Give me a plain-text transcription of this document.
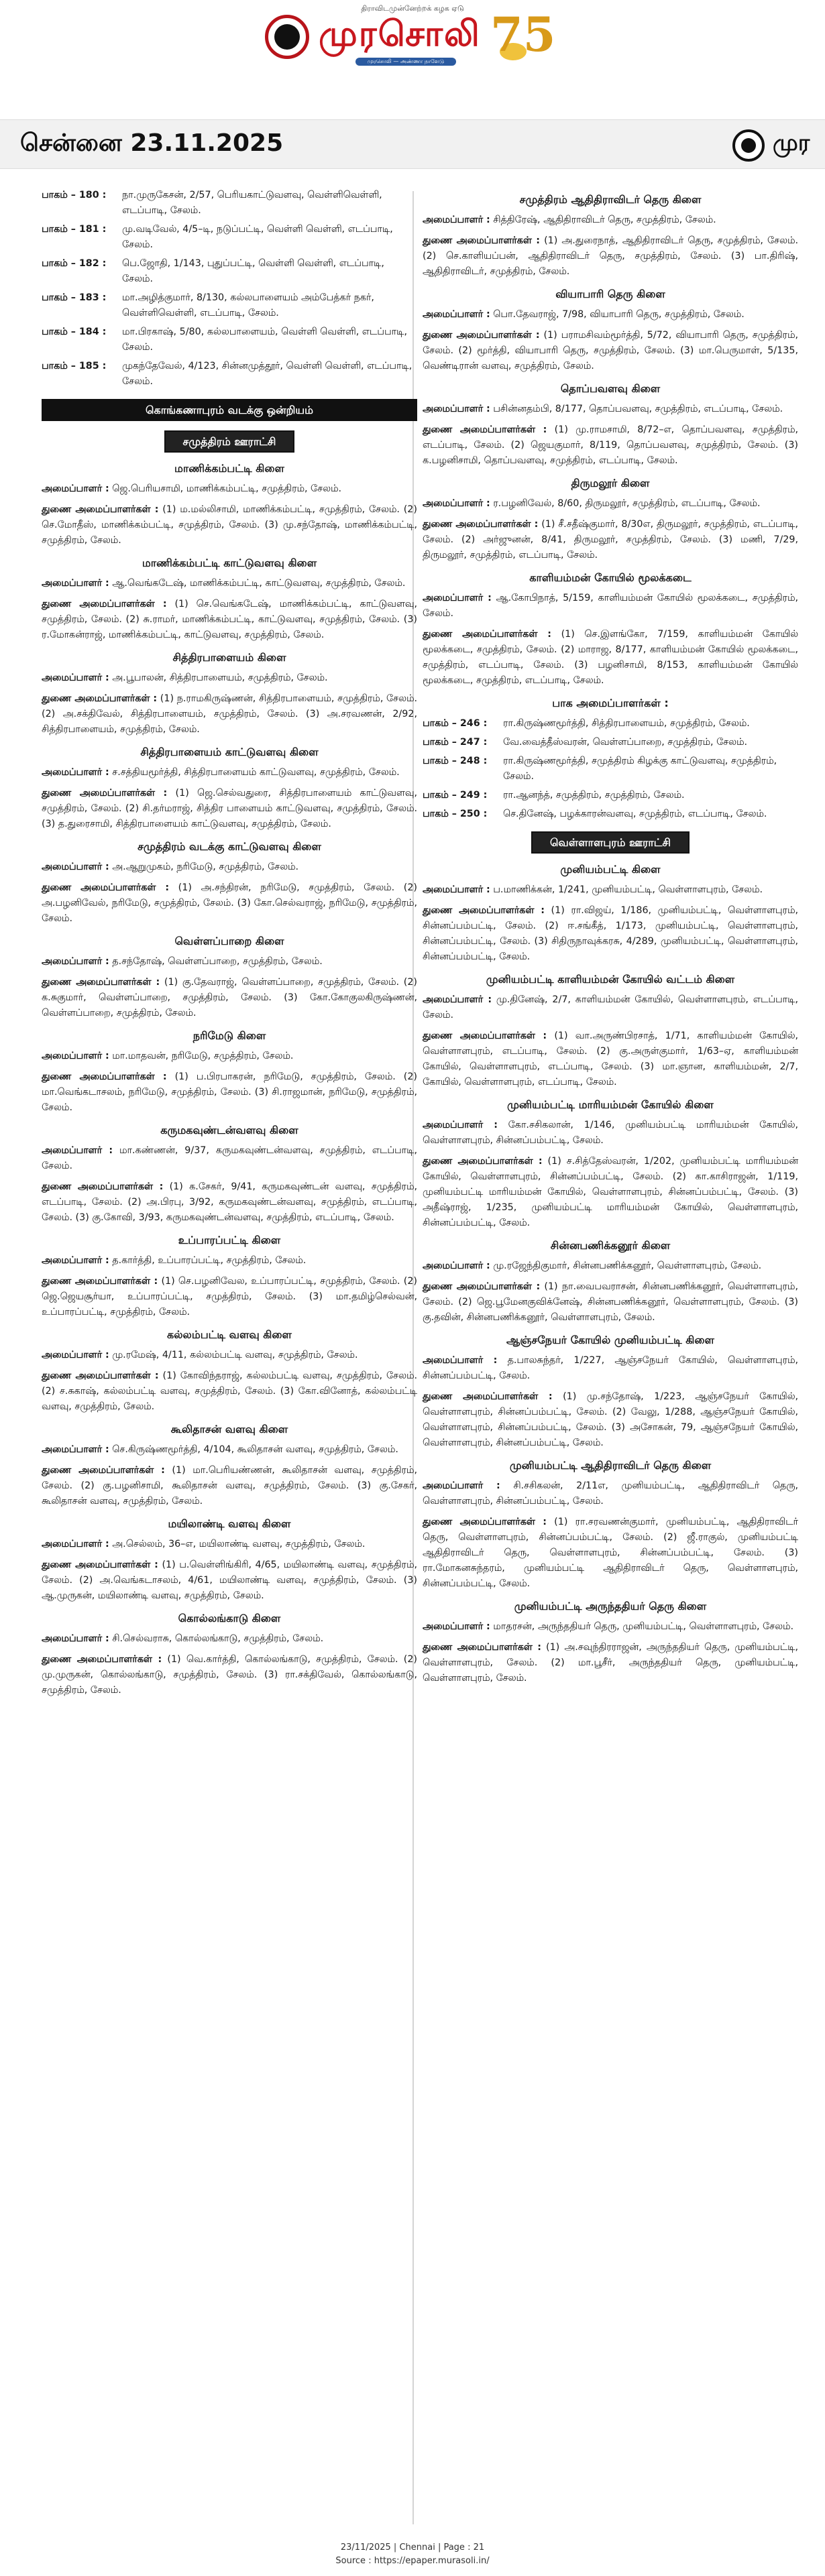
திராவிடமுன்னேற்றக் கழக ஏடு
முரசொலி
முரசொலி — அண்ணா நாளேடு 75
சென்னை 23.11.2025	முர
பாகம் – 180 :	நா.முருகேசன், 2/57, பெரியகாட்டுவளவு, வெள்ளிவெள்ளி, எடப்பாடி, சேலம்.
பாகம் – 181 :	மு.வடிவேல், 4/5–டி, நடுப்பட்டி, வெள்ளி வெள்ளி, எடப்பாடி, சேலம்.
பாகம் – 182 :	பெ.ஜோதி, 1/143, புதுப்பட்டி, வெள்ளி வெள்ளி, எடப்பாடி, சேலம்.
பாகம் – 183 :	மா.அழித்குமார், 8/130, கல்லபாளையம் அம்பேத்கர் நகர், வெள்ளிவெள்ளி, எடப்பாடி, சேலம்.
பாகம் – 184 :	மா.பிரகாஷ், 5/80, கல்லபாளையம், வெள்ளி வெள்ளி, எடப்பாடி, சேலம்.
பாகம் – 185 :	முகந்தேவேல், 4/123, சின்னமுத்தூர், வெள்ளி வெள்ளி, எடப்பாடி, சேலம்.
கொங்கணாபுரம் வடக்கு ஒன்றியம்
சமுத்திரம் ஊராட்சி
மாணிக்கம்பட்டி கிளை
அமைப்பாளர் : ஜெ.பெரியசாமி, மாணிக்கம்பட்டி, சமுத்திரம், சேலம்.
துணை அமைப்பாளர்கள் : (1) ம.மல்லிசாமி, மாணிக்கம்பட்டி, சமுத்திரம், சேலம். (2) செ.மோதீஸ், மாணிக்கம்பட்டி, சமுத்திரம், சேலம். (3) மு.சந்தோஷ், மாணிக்கம்பட்டி, சமுத்திரம், சேலம்.
மாணிக்கம்பட்டி காட்டுவளவு கிளை
அமைப்பாளர் : ஆ.வெங்கடேஷ், மாணிக்கம்பட்டி, காட்டுவளவு, சமுத்திரம், சேலம்.
துணை அமைப்பாளர்கள் : (1) செ.வெங்கடேஷ், மாணிக்கம்பட்டி, காட்டுவளவு, சமுத்திரம், சேலம். (2) சு.ராமர், மாணிக்கம்பட்டி, காட்டுவளவு, சமுத்திரம், சேலம். (3) ர.மோகன்ராஜ், மாணிக்கம்பட்டி, காட்டுவளவு, சமுத்திரம், சேலம்.
சித்திரபாளையம் கிளை
அமைப்பாளர் : அ.பூபாலன், சித்திரபாளையம், சமுத்திரம், சேலம்.
துணை அமைப்பாளர்கள் : (1) ந.ராமகிருஷ்ணன், சித்திரபாளையம், சமுத்திரம், சேலம். (2) அ.சக்திவேல், சித்திரபாளையம், சமுத்திரம், சேலம். (3) அ.சரவணன், 2/92, சித்திரபாளையம், சமுத்திரம், சேலம்.
சித்திரபாளையம் காட்டுவளவு கிளை
அமைப்பாளர் : ச.சத்தியமூர்த்தி, சித்திரபாளையம் காட்டுவளவு, சமுத்திரம், சேலம்.
துணை அமைப்பாளர்கள் : (1) ஜெ.செல்வதுரை, சித்திரபாளையம் காட்டுவளவு, சமுத்திரம், சேலம். (2) சி.தர்மராஜ், சித்திர பாளையம் காட்டுவளவு, சமுத்திரம், சேலம். (3) த.துரைசாமி, சித்திரபாளையம் காட்டுவளவு, சமுத்திரம், சேலம்.
சமுத்திரம் வடக்கு காட்டுவளவு கிளை
அமைப்பாளர் : அ.ஆறுமுகம், நரிமேடு, சமுத்திரம், சேலம்.
துணை அமைப்பாளர்கள் : (1) அ.சந்திரன், நரிமேடு, சமுத்திரம், சேலம். (2) அ.பழனிவேல், நரிமேடு, சமுத்திரம், சேலம். (3) கோ.செல்வராஜ், நரிமேடு, சமுத்திரம், சேலம்.
வெள்ளப்பாறை கிளை
அமைப்பாளர் : த.சந்தோஷ், வெள்ளப்பாறை, சமுத்திரம், சேலம்.
துணை அமைப்பாளர்கள் : (1) கு.தேவராஜ், வெள்ளப்பாறை, சமுத்திரம், சேலம். (2) க.சுகுமார், வெள்ளப்பாறை, சமுத்திரம், சேலம். (3) கோ.கோகுலகிருஷ்ணன், வெள்ளப்பாறை, சமுத்திரம், சேலம்.
நரிமேடு கிளை
அமைப்பாளர் : மா.மாதவன், நரிமேடு, சமுத்திரம், சேலம்.
துணை அமைப்பாளர்கள் : (1) ப.பிரபாகரன், நரிமேடு, சமுத்திரம், சேலம். (2) மா.வெங்கடாசலம், நரிமேடு, சமுத்திரம், சேலம். (3) சி.ராஜமான், நரிமேடு, சமுத்திரம், சேலம்.
கருமகவுண்டன்வளவு கிளை
அமைப்பாளர் : மா.கண்ணன், 9/37, கருமகவுண்டன்வளவு, சமுத்திரம், எடப்பாடி, சேலம்.
துணை அமைப்பாளர்கள் : (1) க.சேகர், 9/41, கருமகவுண்டன் வளவு, சமுத்திரம், எடப்பாடி, சேலம். (2) அ.பிரபு, 3/92, கருமகவுண்டன்வளவு, சமுத்திரம், எடப்பாடி, சேலம். (3) கு.கோவி, 3/93, கருமகவுண்டன்வளவு, சமுத்திரம், எடப்பாடி, சேலம்.
உப்பாரப்பட்டி கிளை
அமைப்பாளர் : த.கார்த்தி, உப்பாரப்பட்டி, சமுத்திரம், சேலம்.
துணை அமைப்பாளர்கள் : (1) செ.பழனிவேல, உப்பாரப்பட்டி, சமுத்திரம், சேலம். (2) ஜெ.ஜெயசூர்யா, உப்பாரப்பட்டி, சமுத்திரம், சேலம். (3) மா.தமிழ்செல்வன், உப்பாரப்பட்டி, சமுத்திரம், சேலம்.
கல்லம்பட்டி வளவு கிளை
அமைப்பாளர் : மு.ரமேஷ், 4/11, கல்லம்பட்டி வளவு, சமுத்திரம், சேலம்.
துணை அமைப்பாளர்கள் : (1) கோவிந்தராஜ், கல்லம்பட்டி வளவு, சமுத்திரம், சேலம். (2) ச.சுகாஷ், கல்லம்பட்டி வளவு, சமுத்திரம், சேலம். (3) கோ.வினோத், கல்லம்பட்டி வளவு, சமுத்திரம், சேலம்.
கூலிதாசன் வளவு கிளை
அமைப்பாளர் : செ.கிருஷ்ணமூர்த்தி, 4/104, கூலிதாசன் வளவு, சமுத்திரம், சேலம்.
துணை அமைப்பாளர்கள் : (1) மா.பெரியண்ணன், கூலிதாசன் வளவு, சமுத்திரம், சேலம். (2) கு.பழனிசாமி, கூலிதாசன் வளவு, சமுத்திரம், சேலம். (3) கு.சேகர், கூலிதாசன் வளவு, சமுத்திரம், சேலம்.
மயிலாண்டி வளவு கிளை
அமைப்பாளர் : அ.செல்லம், 36–எ, மயிலாண்டி வளவு, சமுத்திரம், சேலம்.
துணை அமைப்பாளர்கள் : (1) ப.வெள்ளிங்கிரி, 4/65, மயிலாண்டி வளவு, சமுத்திரம், சேலம். (2) அ.வெங்கடாசலம், 4/61, மயிலாண்டி வளவு, சமுத்திரம், சேலம். (3) ஆ.முருகன், மயிலாண்டி வளவு, சமுத்திரம், சேலம்.
கொல்லங்காடு கிளை
அமைப்பாளர் : சி.செல்வராசு, கொல்லங்காடு, சமுத்திரம், சேலம்.
துணை அமைப்பாளர்கள் : (1) வெ.கார்த்தி, கொல்லங்காடு, சமுத்திரம், சேலம். (2) மு.முருகன், கொல்லங்காடு, சமுத்திரம், சேலம். (3) ரா.சக்திவேல், கொல்லங்காடு, சமுத்திரம், சேலம்.
சமுத்திரம் ஆதிதிராவிடர் தெரு கிளை
அமைப்பாளர் : சித்திரேஷ், ஆதிதிராவிடர் தெரு, சமுத்திரம், சேலம்.
துணை அமைப்பாளர்கள் : (1) அ.துரைநாத், ஆதிதிராவிடர் தெரு, சமுத்திரம், சேலம். (2) செ.காளியப்பன், ஆதிதிராவிடர் தெரு, சமுத்திரம், சேலம். (3) பா.திரிஷ், ஆதிதிராவிடர், சமுத்திரம், சேலம்.
வியாபாரி தெரு கிளை
அமைப்பாளர் : பொ.தேவராஜ், 7/98, வியாபாரி தெரு, சமுத்திரம், சேலம்.
துணை அமைப்பாளர்கள் : (1) பராமசிவம்மூர்த்தி, 5/72, வியாபாரி தெரு, சமுத்திரம், சேலம். (2) மூர்த்தி, வியாபாரி தெரு, சமுத்திரம், சேலம். (3) மா.பெருமாள், 5/135, வெண்டிரான் வளவு, சமுத்திரம், சேலம்.
தொப்பவளவு கிளை
அமைப்பாளர் : பசின்னதம்பி, 8/177, தொப்பவளவு, சமுத்திரம், எடப்பாடி, சேலம்.
துணை அமைப்பாளர்கள் : (1) மு.ராமசாமி, 8/72–எ, தொப்பவளவு, சமுத்திரம், எடப்பாடி, சேலம். (2) ஜெயகுமார், 8/119, தொப்பவளவு, சமுத்திரம், சேலம். (3) க.பழனிசாமி, தொப்பவளவு, சமுத்திரம், எடப்பாடி, சேலம்.
திருமலூர் கிளை
அமைப்பாளர் : ர.பழனிவேல், 8/60, திருமலூர், சமுத்திரம், எடப்பாடி, சேலம்.
துணை அமைப்பாளர்கள் : (1) சீ.சதீஷ்குமார், 8/30எ, திருமலூர், சமுத்திரம், எடப்பாடி, சேலம். (2) அர்ஜுனன், 8/41, திருமலூர், சமுத்திரம், சேலம். (3) மணி, 7/29, திருமலூர், சமுத்திரம், எடப்பாடி, சேலம்.
காளியம்மன் கோயில் மூலக்கடை
அமைப்பாளர் : ஆ.கோபிநாத், 5/159, காளியம்மன் கோயில் மூலக்கடை, சமுத்திரம், சேலம்.
துணை அமைப்பாளர்கள் : (1) செ.இளங்கோ, 7/159, காளியம்மன் கோயில் மூலக்கடை, சமுத்திரம், சேலம். (2) மாராஜ, 8/177, காளியம்மன் கோயில் மூலக்கடை, சமுத்திரம், எடப்பாடி, சேலம். (3) பழனிசாமி, 8/153, காளியம்மன் கோயில் மூலக்கடை, சமுத்திரம், எடப்பாடி, சேலம்.
பாக அமைப்பாளர்கள் :
பாகம் – 246 :	ரா.கிருஷ்ணமூர்த்தி, சித்திரபாளையம், சமுத்திரம், சேலம்.
பாகம் – 247 :	வே.வைத்தீஸ்வரன், வெள்ளப்பாறை, சமுத்திரம், சேலம்.
பாகம் – 248 :	ரா.கிருஷ்ணமூர்த்தி, சமுத்திரம் கிழக்கு காட்டுவளவு, சமுத்திரம், சேலம்.
பாகம் – 249 :	ரா.ஆனந்த், சமுத்திரம், சமுத்திரம், சேலம்.
பாகம் – 250 :	செ.தினேஷ், பழக்காரன்வளவு, சமுத்திரம், எடப்பாடி, சேலம்.
வெள்ளாளபுரம் ஊராட்சி
முனியம்பட்டி கிளை
அமைப்பாளர் : ப.மாணிக்கன், 1/241, முனியம்பட்டி, வெள்ளாளபுரம், சேலம்.
துணை அமைப்பாளர்கள் : (1) ரா.விஜய், 1/186, முனியம்பட்டி, வெள்ளாளபுரம், சின்னப்பம்பட்டி, சேலம். (2) ஈ.சங்கீத், 1/173, முனியம்பட்டி, வெள்ளாளபுரம், சின்னப்பம்பட்டி, சேலம். (3) சிதிருநாவுக்கரசு, 4/289, முனியம்பட்டி, வெள்ளாளபுரம், சின்னப்பம்பட்டி, சேலம்.
முனியம்பட்டி காளியம்மன் கோயில் வட்டம் கிளை
அமைப்பாளர் : மு.தினேஷ், 2/7, காளியம்மன் கோயில், வெள்ளாளபுரம், எடப்பாடி, சேலம்.
துணை அமைப்பாளர்கள் : (1) வா.அருண்பிரசாத், 1/71, காளியம்மன் கோயில், வெள்ளாளபுரம், எடப்பாடி, சேலம். (2) கு.அருள்குமார், 1/63–ஏ, காளியம்மன் கோயில், வெள்ளாளபுரம், எடப்பாடி, சேலம். (3) மா.ஞான, காளியம்மன், 2/7, கோயில், வெள்ளாளபுரம், எடப்பாடி, சேலம்.
முனியம்பட்டி மாரியம்மன் கோயில் கிளை
அமைப்பாளர் : கோ.சசிகலான், 1/146, முனியம்பட்டி மாரியம்மன் கோயில், வெள்ளாளபுரம், சின்னப்பம்பட்டி, சேலம்.
துணை அமைப்பாளர்கள் : (1) ச.சித்தேஸ்வரன், 1/202, முனியம்பட்டி மாரியம்மன் கோயில், வெள்ளாளபுரம், சின்னப்பம்பட்டி, சேலம். (2) கா.காசிராஜன், 1/119, முனியம்பட்டி மாரியம்மன் கோயில், வெள்ளாளபுரம், சின்னப்பம்பட்டி, சேலம். (3) அதீஷ்ராஜ், 1/235, முனியம்பட்டி மாரியம்மன் கோயில், வெள்ளாளபுரம், சின்னப்பம்பட்டி, சேலம்.
சின்னபணிக்கனூர் கிளை
அமைப்பாளர் : மு.ரஜேந்திகுமார், சின்னபணிக்கனூர், வெள்ளாளபுரம், சேலம்.
துணை அமைப்பாளர்கள் : (1) நா.வைபவராசன், சின்னபணிக்கனூர், வெள்ளாளபுரம், சேலம். (2) ஜெ.பூமேனகுவிக்னேஷ், சின்னபணிக்கனூர், வெள்ளாளபுரம், சேலம். (3) கு.தவின், சின்னபணிக்கனூர், வெள்ளாளபுரம், சேலம்.
ஆஞ்சநேயர் கோயில் முனியம்பட்டி கிளை
அமைப்பாளர் : த.பாலசுந்தர், 1/227, ஆஞ்சநேயர் கோயில், வெள்ளாளபுரம், சின்னப்பம்பட்டி, சேலம்.
துணை அமைப்பாளர்கள் : (1) மு.சந்தோஷ், 1/223, ஆஞ்சநேயர் கோயில், வெள்ளாளபுரம், சின்னப்பம்பட்டி, சேலம். (2) வேலு, 1/288, ஆஞ்சநேயர் கோயில், வெள்ளாளபுரம், சின்னப்பம்பட்டி, சேலம். (3) அசோகன், 79, ஆஞ்சநேயர் கோயில், வெள்ளாளபுரம், சின்னப்பம்பட்டி, சேலம்.
முனியம்பட்டி ஆதிதிராவிடர் தெரு கிளை
அமைப்பாளர் : சி.சசிகலன், 2/11எ, முனியம்பட்டி, ஆதிதிராவிடர் தெரு, வெள்ளாளபுரம், சின்னப்பம்பட்டி, சேலம்.
துணை அமைப்பாளர்கள் : (1) ரா.சரவணன்குமார், முனியம்பட்டி, ஆதிதிராவிடர் தெரு, வெள்ளாளபுரம், சின்னப்பம்பட்டி, சேலம். (2) ஜீ.ராகுல், முனியம்பட்டி ஆதிதிராவிடர் தெரு, வெள்ளாளபுரம், சின்னப்பம்பட்டி, சேலம். (3) ரா.மோகனசுந்தரம், முனியம்பட்டி ஆதிதிராவிடர் தெரு, வெள்ளாளபுரம், சின்னப்பம்பட்டி, சேலம்.
முனியம்பட்டி அருந்ததியர் தெரு கிளை
அமைப்பாளர் : மாதரசன், அருந்ததியர் தெரு, முனியம்பட்டி, வெள்ளாளபுரம், சேலம்.
துணை அமைப்பாளர்கள் : (1) அ.சவுந்திரராஜன், அருந்ததியர் தெரு, முனியம்பட்டி, வெள்ளாளபுரம், சேலம். (2) மா.பூசீர், அருந்ததியர் தெரு, முனியம்பட்டி, வெள்ளாளபுரம், சேலம்.
23/11/2025 | Chennai | Page : 21
Source : https://epaper.murasoli.in/
